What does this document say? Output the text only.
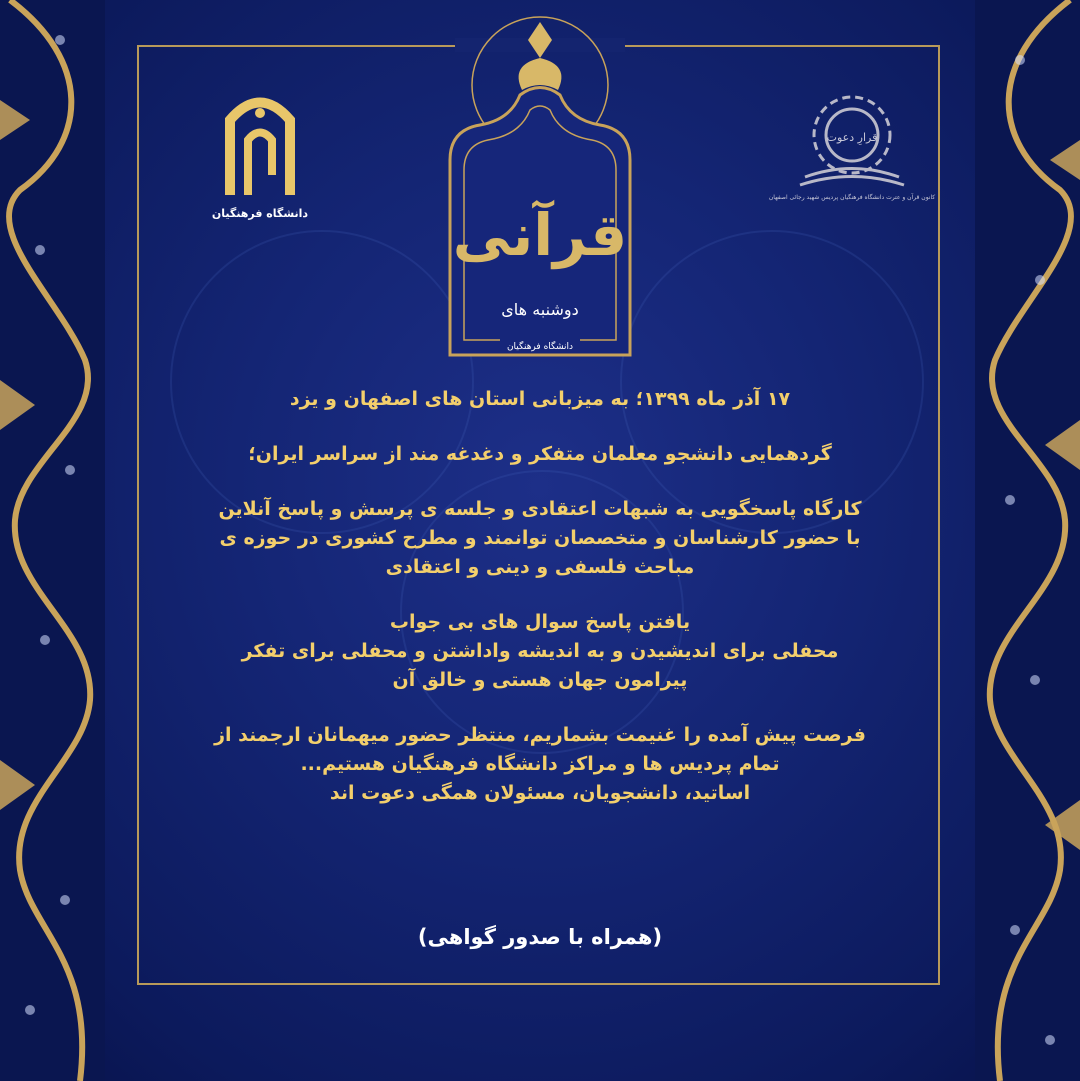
دانشگاه فرهنگیان
قرارِ دعوت
کانون قرآن و عترت دانشگاه فرهنگیان پردیس شهید رجائی اصفهان
قرآنی
دوشنبه های
دانشگاه فرهنگیان
۱۷ آذر ماه ۱۳۹۹؛ به میزبانی استان های اصفهان و یزد
گردهمایی دانشجو معلمان متفکر و دغدغه مند از سراسر ایران؛
کارگاه پاسخگویی به شبهات اعتقادی و جلسه ی پرسش و پاسخ آنلاین
با حضور کارشناسان و متخصصان توانمند و مطرح کشوری در حوزه ی
مباحث فلسفی و دینی و اعتقادی
یافتن پاسخ سوال های بی جواب
محفلی برای اندیشیدن و به اندیشه واداشتن و محفلی برای تفکر
پیرامون جهان هستی و خالق آن
فرصت پیش آمده را غنیمت بشماریم، منتظر حضور میهمانان ارجمند از
تمام پردیس ها و مراکز دانشگاه فرهنگیان هستیم...
اساتید، دانشجویان، مسئولان همگی دعوت اند
(همراه با صدور گواهی)
